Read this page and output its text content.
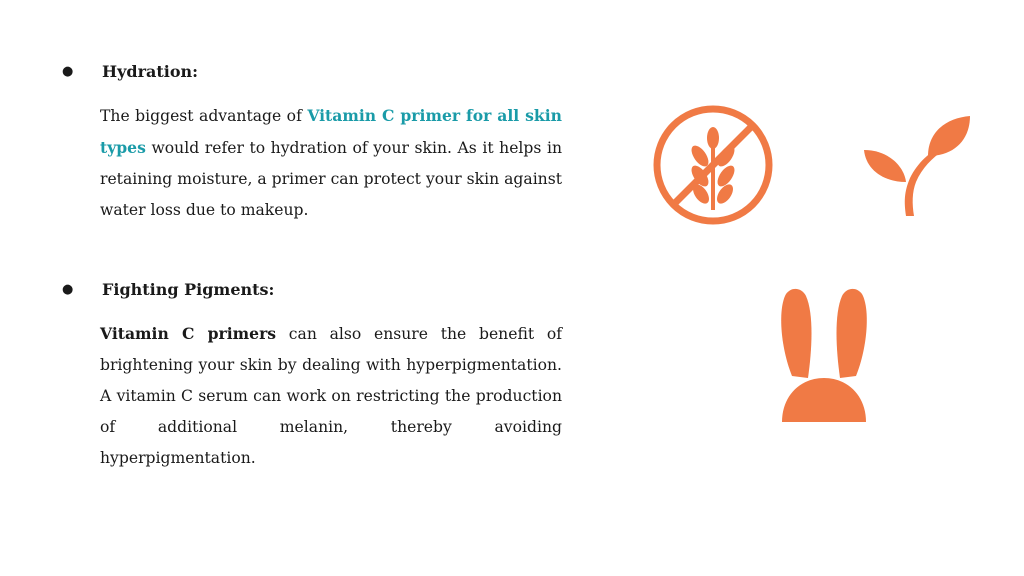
●	Hydration:

The biggest advantage of Vitamin C primer for all skin types would refer to hydration of your skin. As it helps in retaining moisture, a primer can protect your skin against water loss due to makeup.

●	Fighting Pigments:

Vitamin C primers can also ensure the benefit of brightening your skin by dealing with hyperpigmentation. A vitamin C serum can work on restricting the production of additional melanin, thereby avoiding hyperpigmentation.
